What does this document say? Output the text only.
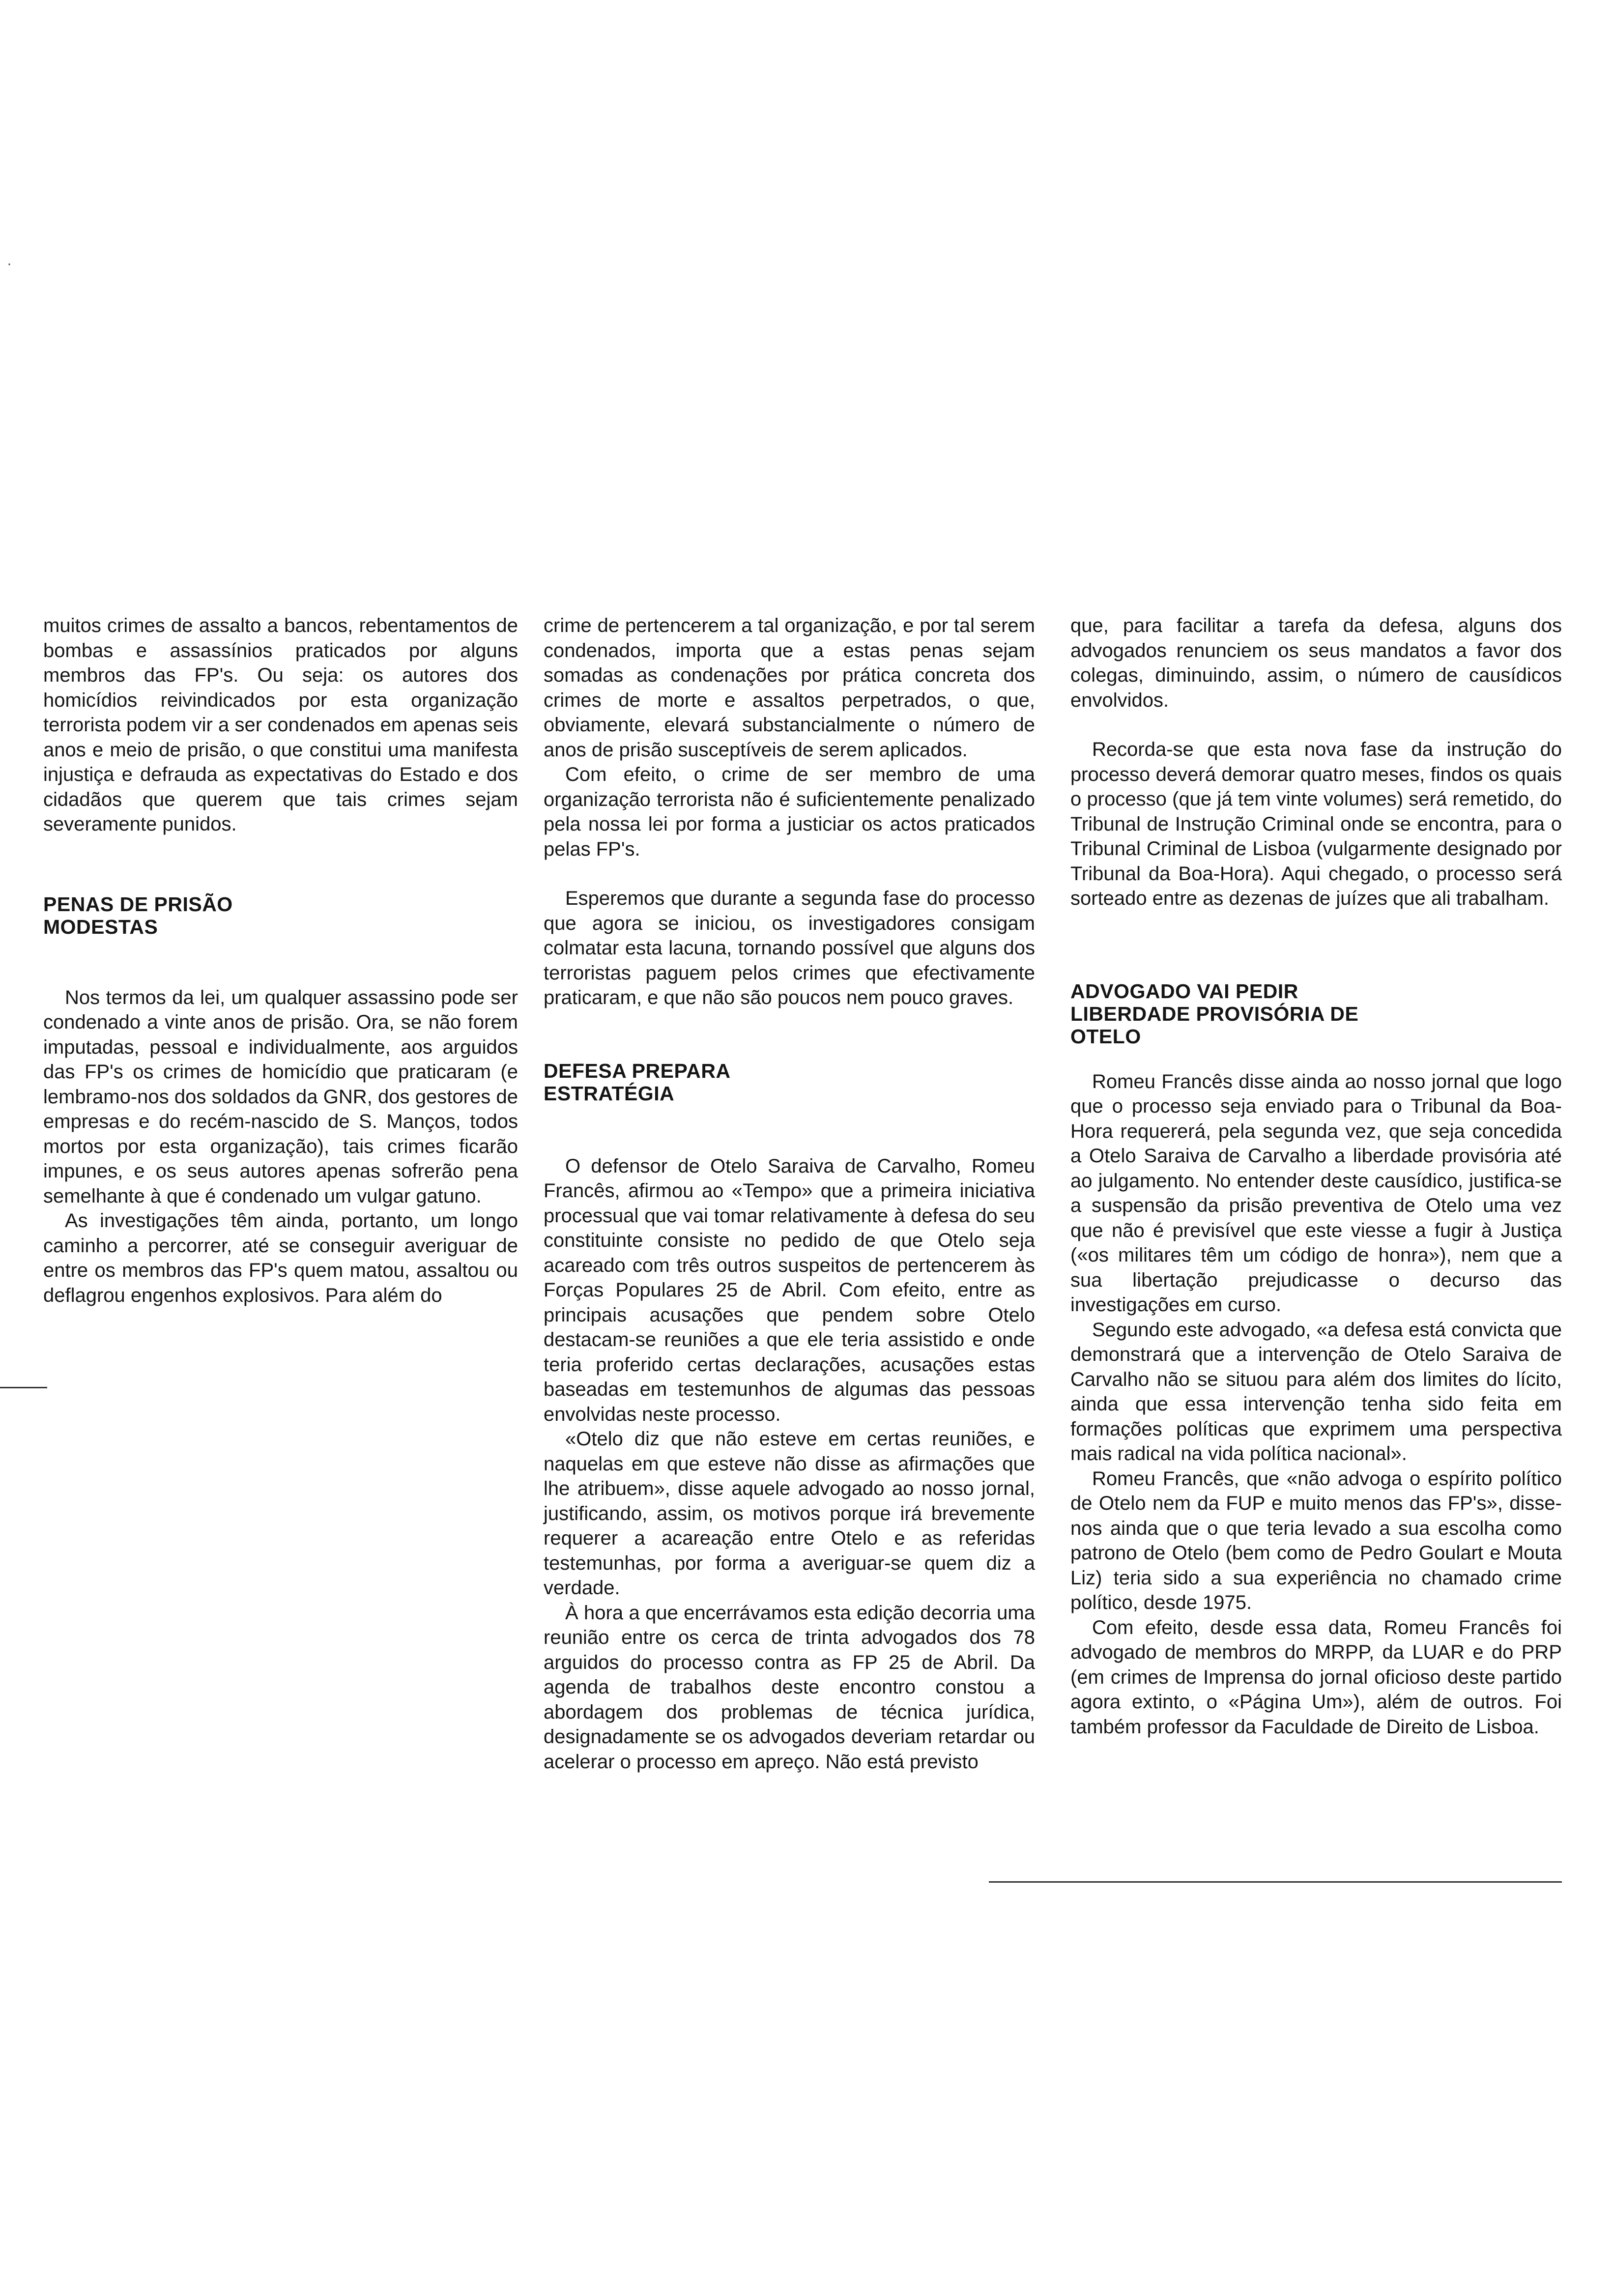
muitos crimes de assalto a bancos, rebentamentos de bombas e assassínios praticados por alguns membros das FP's. Ou seja: os autores dos homicídios reivindicados por esta organização terrorista podem vir a ser condenados em apenas seis anos e meio de prisão, o que constitui uma manifesta injustiça e defrauda as expectativas do Estado e dos cidadãos que querem que tais crimes sejam severamente punidos.

PENAS DE PRISÃO MODESTAS

Nos termos da lei, um qualquer assassino pode ser condenado a vinte anos de prisão. Ora, se não forem imputadas, pessoal e individualmente, aos arguidos das FP's os crimes de homicídio que praticaram (e lembramo-nos dos soldados da GNR, dos gestores de empresas e do recém-nascido de S. Manços, todos mortos por esta organização), tais crimes ficarão impunes, e os seus autores apenas sofrerão pena semelhante à que é condenado um vulgar gatuno.

As investigações têm ainda, portanto, um longo caminho a percorrer, até se conseguir averiguar de entre os membros das FP's quem matou, assaltou ou deflagrou engenhos explosivos. Para além do

crime de pertencerem a tal organização, e por tal serem condenados, importa que a estas penas sejam somadas as condenações por prática concreta dos crimes de morte e assaltos perpetrados, o que, obviamente, elevará substancialmente o número de anos de prisão susceptíveis de serem aplicados.

Com efeito, o crime de ser membro de uma organização terrorista não é suficientemente penalizado pela nossa lei por forma a justiciar os actos praticados pelas FP's.

Esperemos que durante a segunda fase do processo que agora se iniciou, os investigadores consigam colmatar esta lacuna, tornando possível que alguns dos terroristas paguem pelos crimes que efectivamente praticaram, e que não são poucos nem pouco graves.

DEFESA PREPARA ESTRATÉGIA

O defensor de Otelo Saraiva de Carvalho, Romeu Francês, afirmou ao «Tempo» que a primeira iniciativa processual que vai tomar relativamente à defesa do seu constituinte consiste no pedido de que Otelo seja acareado com três outros suspeitos de pertencerem às Forças Populares 25 de Abril. Com efeito, entre as principais acusações que pendem sobre Otelo destacam-se reuniões a que ele teria assistido e onde teria proferido certas declarações, acusações estas baseadas em testemunhos de algumas das pessoas envolvidas neste processo.

«Otelo diz que não esteve em certas reuniões, e naquelas em que esteve não disse as afirmações que lhe atribuem», disse aquele advogado ao nosso jornal, justificando, assim, os motivos porque irá brevemente requerer a acareação entre Otelo e as referidas testemunhas, por forma a averiguar-se quem diz a verdade.

À hora a que encerrávamos esta edição decorria uma reunião entre os cerca de trinta advogados dos 78 arguidos do processo contra as FP 25 de Abril. Da agenda de trabalhos deste encontro constou a abordagem dos problemas de técnica jurídica, designadamente se os advogados deveriam retardar ou acelerar o processo em apreço. Não está previsto

que, para facilitar a tarefa da defesa, alguns dos advogados renunciem os seus mandatos a favor dos colegas, diminuindo, assim, o número de causídicos envolvidos.

Recorda-se que esta nova fase da instrução do processo deverá demorar quatro meses, findos os quais o processo (que já tem vinte volumes) será remetido, do Tribunal de Instrução Criminal onde se encontra, para o Tribunal Criminal de Lisboa (vulgarmente designado por Tribunal da Boa-Hora). Aqui chegado, o processo será sorteado entre as dezenas de juízes que ali trabalham.

ADVOGADO VAI PEDIR LIBERDADE PROVISÓRIA DE OTELO

Romeu Francês disse ainda ao nosso jornal que logo que o processo seja enviado para o Tribunal da Boa-Hora requererá, pela segunda vez, que seja concedida a Otelo Saraiva de Carvalho a liberdade provisória até ao julgamento. No entender deste causídico, justifica-se a suspensão da prisão preventiva de Otelo uma vez que não é previsível que este viesse a fugir à Justiça («os militares têm um código de honra»), nem que a sua libertação prejudicasse o decurso das investigações em curso.

Segundo este advogado, «a defesa está convicta que demonstrará que a intervenção de Otelo Saraiva de Carvalho não se situou para além dos limites do lícito, ainda que essa intervenção tenha sido feita em formações políticas que exprimem uma perspectiva mais radical na vida política nacional».

Romeu Francês, que «não advoga o espírito político de Otelo nem da FUP e muito menos das FP's», disse-nos ainda que o que teria levado a sua escolha como patrono de Otelo (bem como de Pedro Goulart e Mouta Liz) teria sido a sua experiência no chamado crime político, desde 1975.

Com efeito, desde essa data, Romeu Francês foi advogado de membros do MRPP, da LUAR e do PRP (em crimes de Imprensa do jornal oficioso deste partido agora extinto, o «Página Um»), além de outros. Foi também professor da Faculdade de Direito de Lisboa.

·
